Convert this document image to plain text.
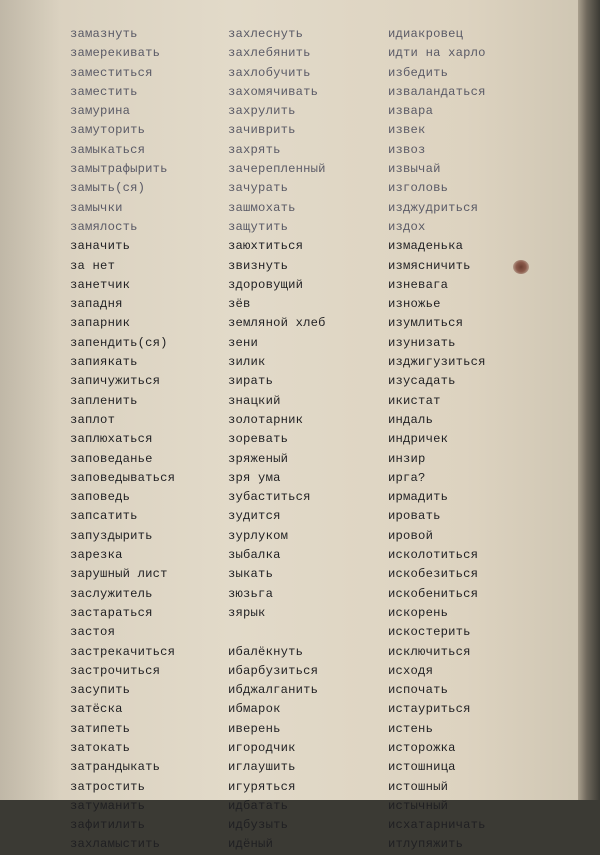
замазнуть
замерекивать
заместиться
заместить
замурина
замуторить
замыкаться
замытрафырить
замыть(ся)
замычки
замялость
заначить
за нет
занетчик
западня
запарник
запендить(ся)
запиякать
запичужиться
запленить
заплот
заплюхаться
заповеданье
заповедываться
заповедь
запсатить
запуздырить
зарезка
зарушный лист
заслужитель
застараться
застоя
застрекачиться
застрочиться
засупить
затёска
затипеть
затокать
затрандыкать
затростить
затуманить
зафитилить
захламыстить
захлеснуть
захлебянить
захлобучить
захомячивать
захрулить
зачиврить
захрять
зачерепленный
зачурать
зашмохать
защутить
заюхтиться
звизнуть
здоровущий
зёв
земляной хлеб
зени
зилик
зирать
знацкий
золотарник
зоревать
зряженый
зря ума
зубаститься
зудится
зурлуком
зыбалка
зыкать
зюзьга
зярык

ибалёкнуть
ибарбузиться
ибджалганить
ибмарок
иверень
игородчик
иглаушить
игуряться
идбатать
идбузыть
идёный
идиакровец
идти на харло
избедить
изваландаться
извара
извек
извоз
извычай
изголовь
изджудриться
издох
измаденька
измясничить
изневага
изножье
изумлиться
изунизать
изджигузиться
изусадать
икистат
индаль
индричек
инзир
ирга?
ирмадить
ировать
ировой
исколотиться
искобезиться
искобениться
искорень
искостерить
исключиться
исходя
испочать
истауриться
истень
исторожка
истошница
истошный
истычный
исхатарничать
итлупяжить
